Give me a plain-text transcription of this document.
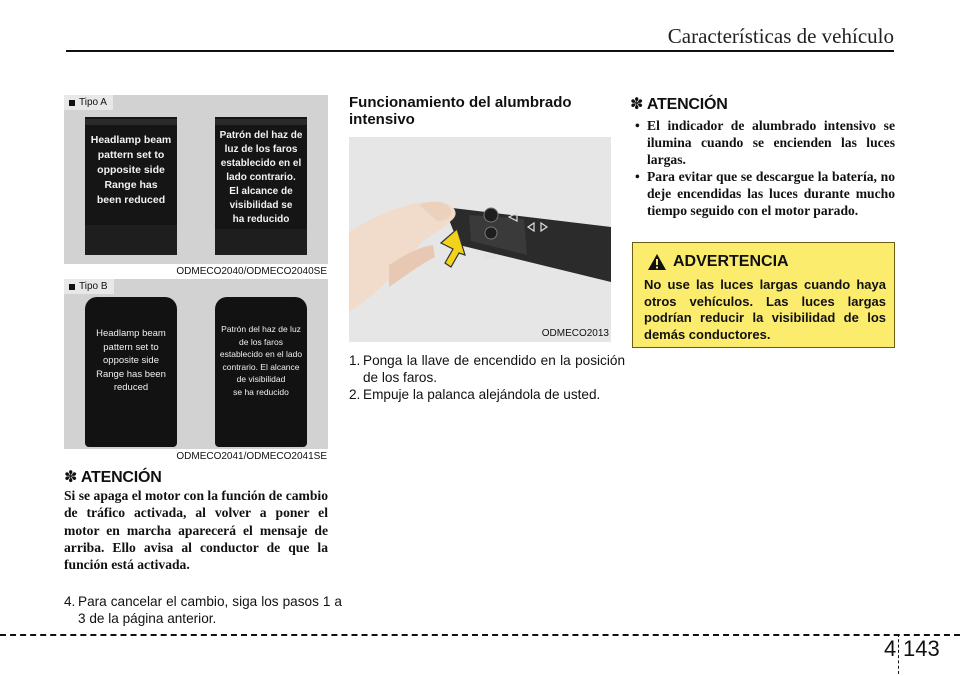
Características de vehículo
Tipo A
Headlamp beam
pattern set to
opposite side
Range has
been reduced
Patrón del haz de
luz de los faros
establecido en el
lado contrario.
El alcance de
visibilidad se
ha reducido
ODMECO2040/ODMECO2040SE
Tipo B
Headlamp beam
pattern set to
opposite side
Range has been
reduced
Patrón del haz de luz
de los faros
establecido en el lado
contrario. El alcance
de visibilidad
se ha reducido
ODMECO2041/ODMECO2041SE
✽ ATENCIÓN
Si se apaga el motor con la función de cambio de tráfico activada, al volver a poner el motor en marcha aparecerá el mensaje de arriba. Ello avisa al conductor de que la función está activada.
4. Para cancelar el cambio, siga los pasos 1 a 3 de la página anterior.
Funcionamiento del alumbrado intensivo
OFF
ODMECO2013
1. Ponga la llave de encendido en la posición de los faros.
2. Empuje la palanca alejándola de usted.
✽ ATENCIÓN
• El indicador de alumbrado intensivo se ilumina cuando se encienden las luces largas.
• Para evitar que se descargue la batería, no deje encendidas las luces durante mucho tiempo seguido con el motor parado.
ADVERTENCIA
No use las luces largas cuando haya otros vehículos. Las luces largas podrían reducir la visibilidad de los demás conductores.
4 143
